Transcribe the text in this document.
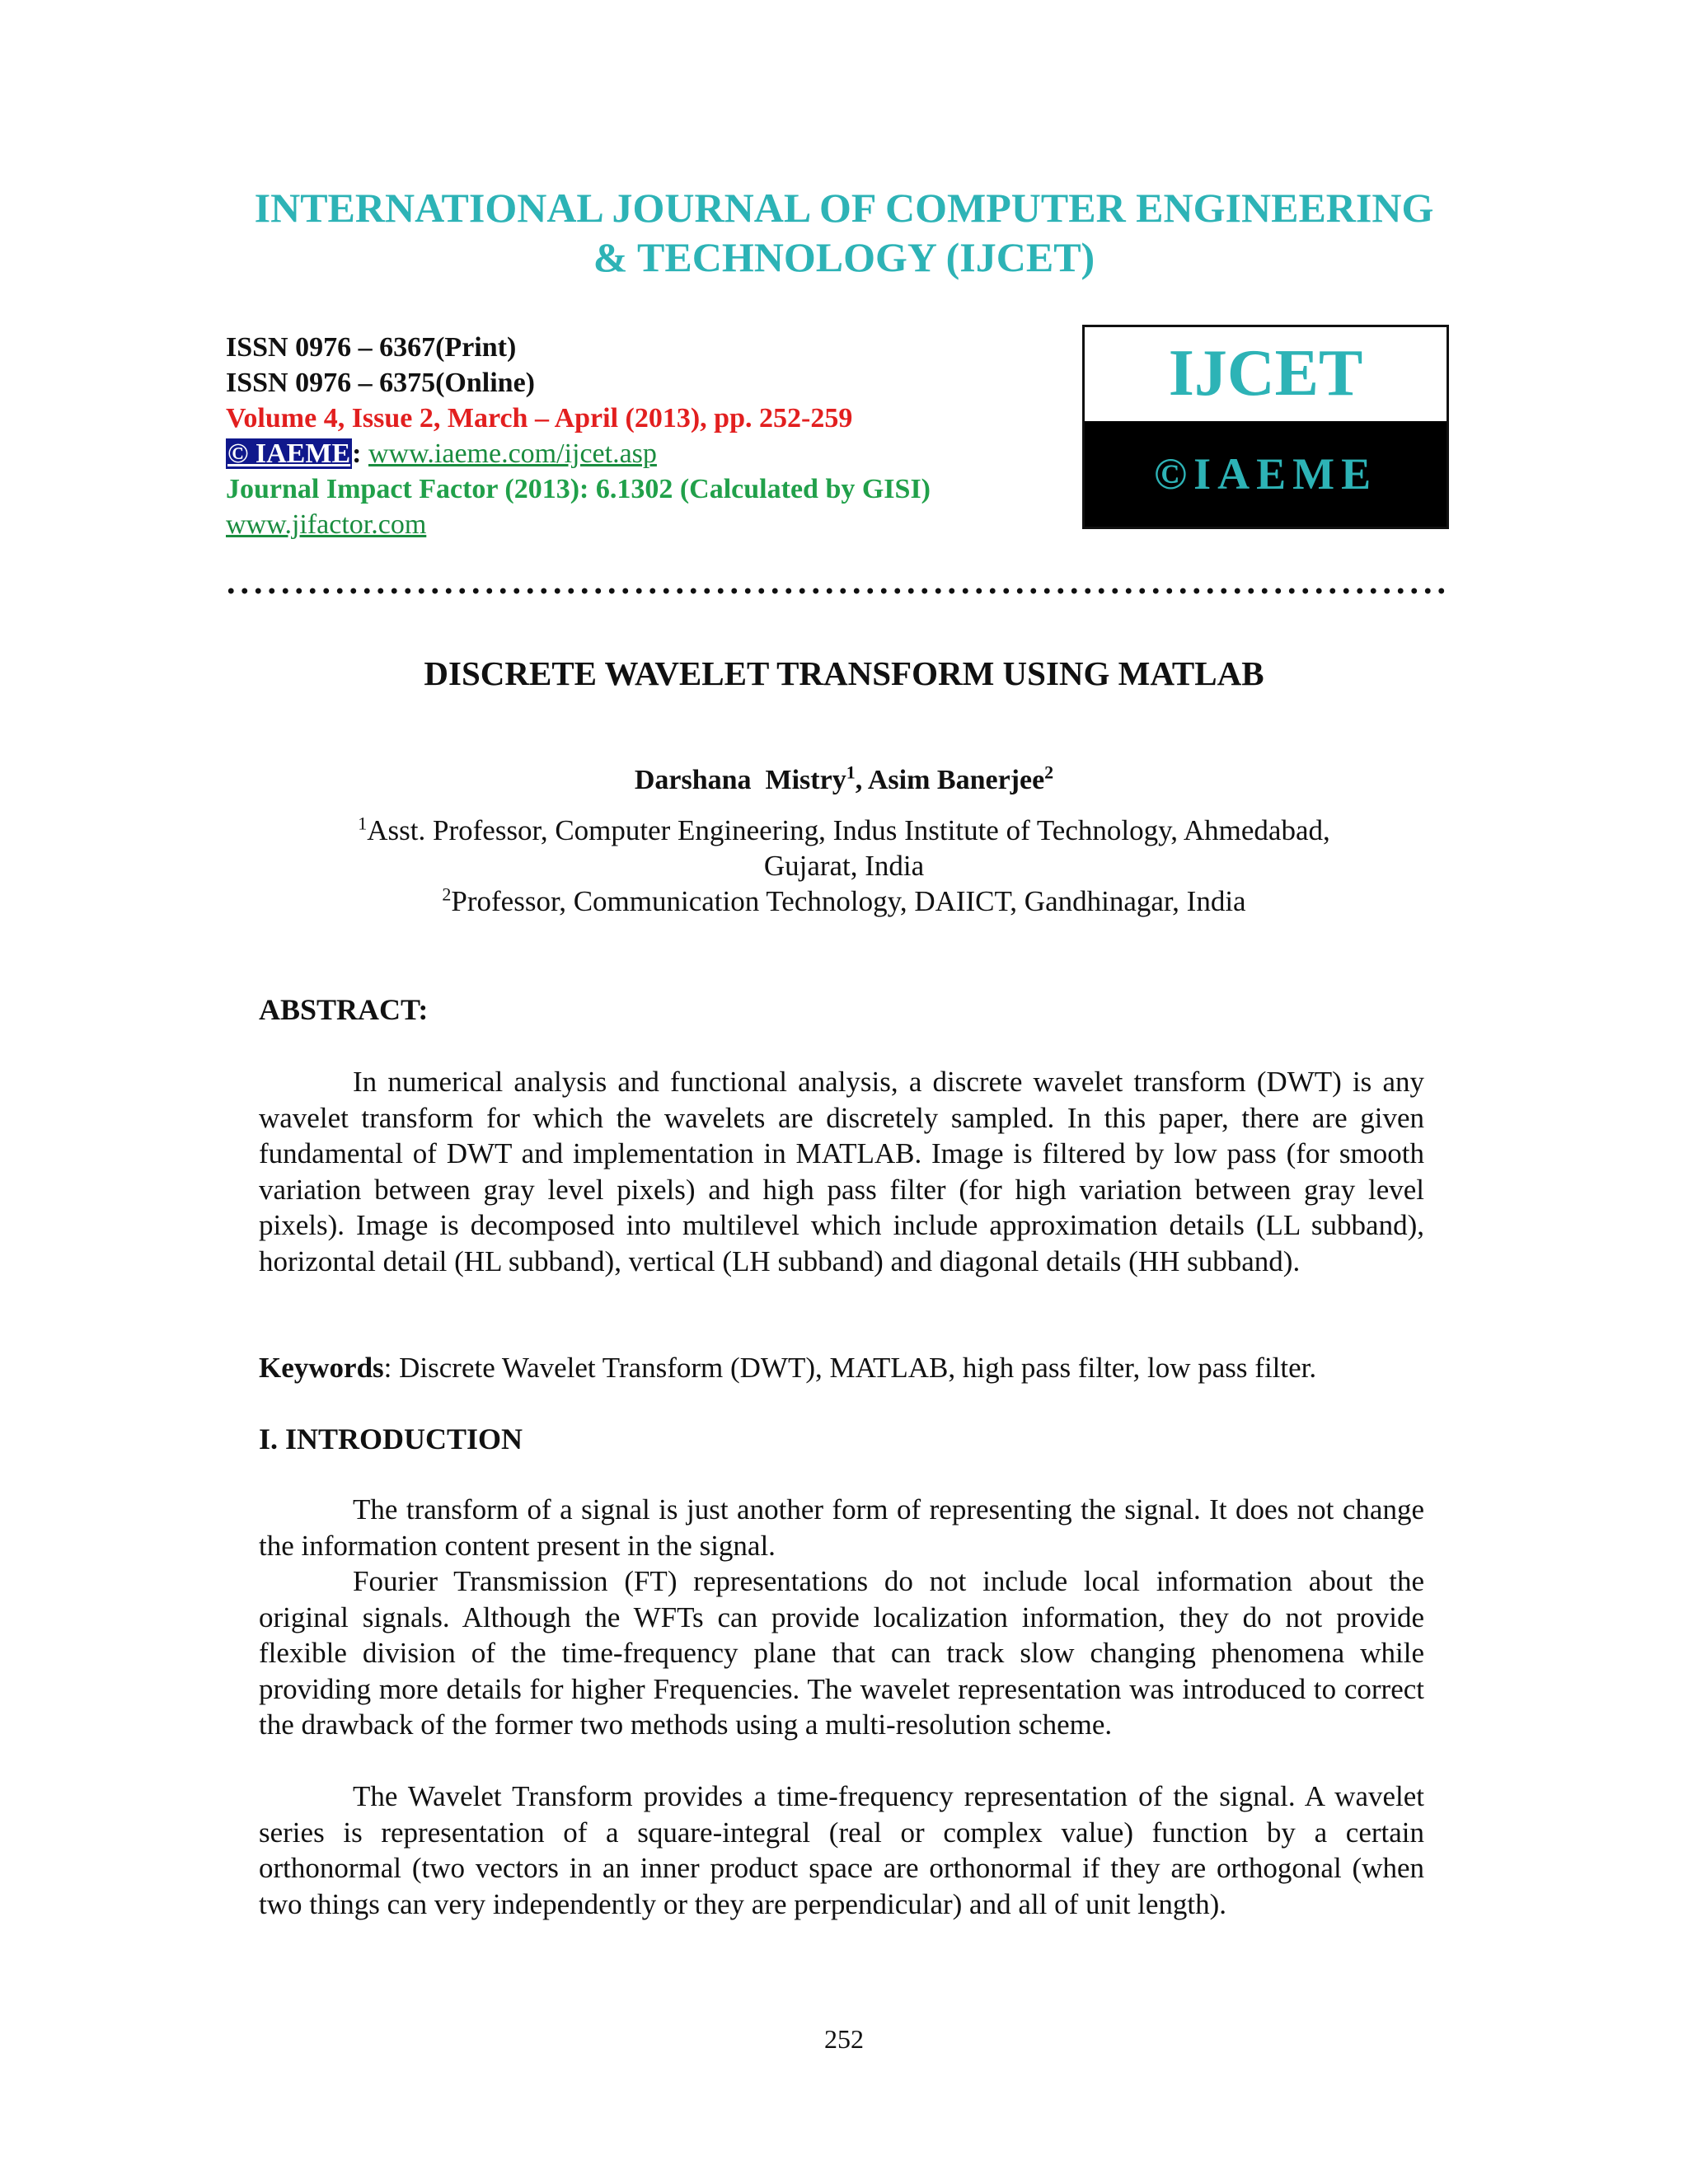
INTERNATIONAL JOURNAL OF COMPUTER ENGINEERING
& TECHNOLOGY (IJCET)
ISSN 0976 – 6367(Print)
ISSN 0976 – 6375(Online)
Volume 4, Issue 2, March – April (2013), pp. 252-259
© IAEME: www.iaeme.com/ijcet.asp
Journal Impact Factor (2013): 6.1302 (Calculated by GISI)
www.jifactor.com
IJCET
©IAEME
DISCRETE WAVELET TRANSFORM USING MATLAB
Darshana  Mistry$^1$, Asim Banerjee$^2$
$^1$Asst. Professor, Computer Engineering, Indus Institute of Technology, Ahmedabad,
Gujarat, India
$^2$Professor, Communication Technology, DAIICT, Gandhinagar, India
ABSTRACT:

In numerical analysis and functional analysis, a discrete wavelet transform (DWT) is any wavelet transform for which the wavelets are discretely sampled. In this paper, there are given fundamental of DWT and implementation in MATLAB. Image is filtered by low pass (for smooth variation between gray level pixels) and high pass filter (for high variation between gray level pixels). Image is decomposed into multilevel which include approximation details (LL subband), horizontal detail (HL subband), vertical (LH subband) and diagonal details (HH subband).

Keywords: Discrete Wavelet Transform (DWT), MATLAB, high pass filter, low pass filter.

I. INTRODUCTION

The transform of a signal is just another form of representing the signal. It does not change the information content present in the signal.

Fourier Transmission (FT) representations do not include local information about the original signals. Although the WFTs can provide localization information, they do not provide flexible division of the time-frequency plane that can track slow changing phenomena while providing more details for higher Frequencies. The wavelet representation was introduced to correct the drawback of the former two methods using a multi-resolution scheme.

The Wavelet Transform provides a time-frequency representation of the signal. A wavelet series is representation of a square-integral (real or complex value) function by a certain orthonormal (two vectors in an inner product space are orthonormal if they are orthogonal (when two things can very independently or they are perpendicular) and all of unit length).

252
